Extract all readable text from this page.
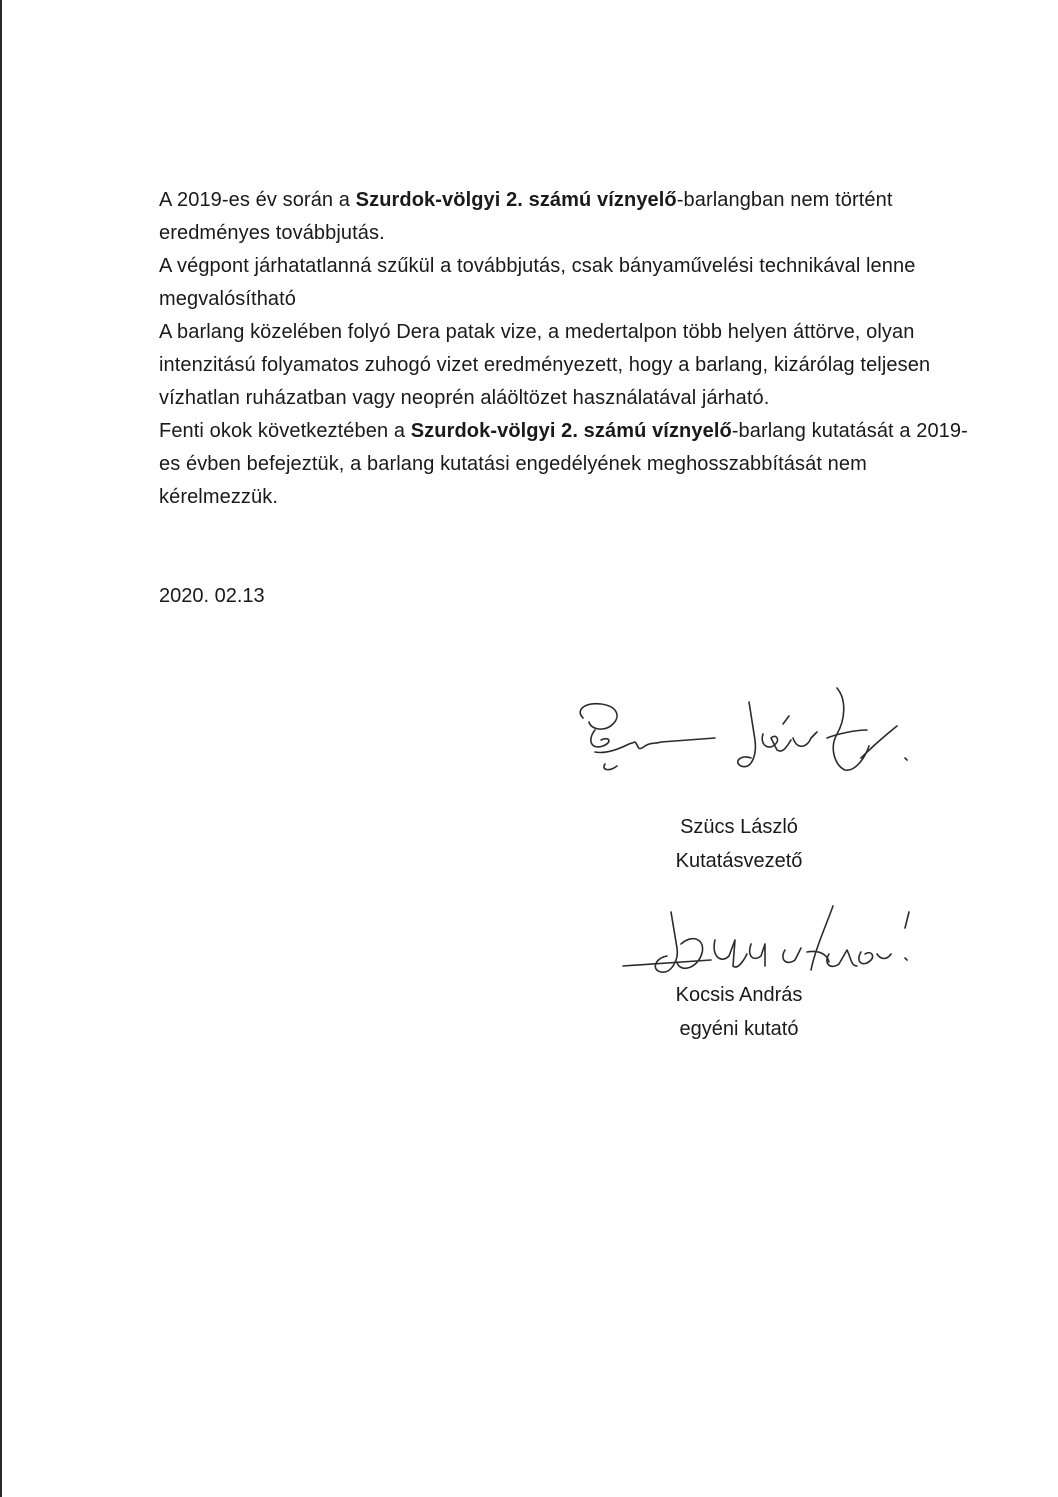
A 2019-es év során a Szurdok-völgyi 2. számú víznyelő-barlangban nem történt eredményes továbbjutás.

A végpont járhatatlanná szűkül a továbbjutás, csak bányaművelési technikával lenne megvalósítható

A barlang közelében folyó Dera patak vize, a medertalpon több helyen áttörve, olyan intenzitású folyamatos zuhogó vizet eredményezett, hogy a barlang, kizárólag teljesen vízhatlan ruházatban vagy neoprén aláöltözet használatával járható.

Fenti okok következtében a Szurdok-völgyi 2. számú víznyelő-barlang kutatását a 2019-es évben befejeztük, a barlang kutatási engedélyének meghosszabbítását nem kérelmezzük.

2020. 02.13
Szücs László
Kutatásvezető
Kocsis András
egyéni kutató
